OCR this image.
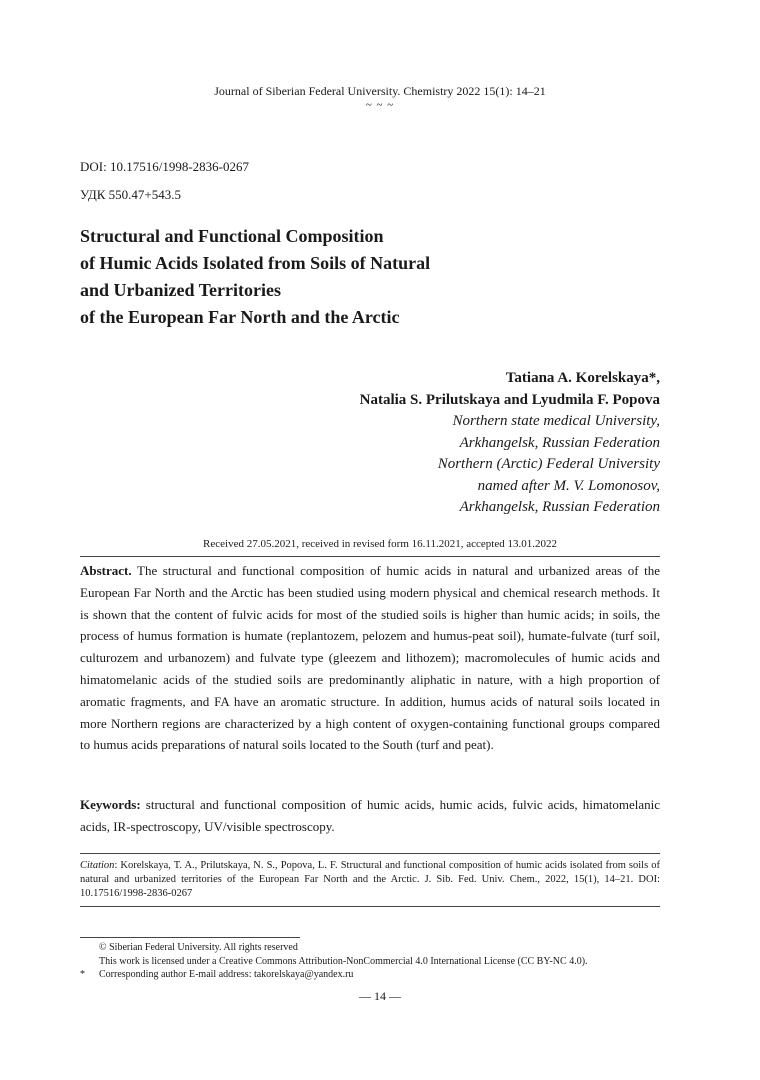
Journal of Siberian Federal University. Chemistry 2022 15(1): 14–21
~ ~ ~
DOI: 10.17516/1998-2836-0267
УДК 550.47+543.5
Structural and Functional Composition
of Humic Acids Isolated from Soils of Natural
and Urbanized Territories
of the European Far North and the Arctic
Tatiana A. Korelskaya*,
Natalia S. Prilutskaya and Lyudmila F. Popova
Northern state medical University,
Arkhangelsk, Russian Federation
Northern (Arctic) Federal University
named after M. V. Lomonosov,
Arkhangelsk, Russian Federation
Received 27.05.2021, received in revised form 16.11.2021, accepted 13.01.2022
Abstract. The structural and functional composition of humic acids in natural and urbanized areas of the European Far North and the Arctic has been studied using modern physical and chemical research methods. It is shown that the content of fulvic acids for most of the studied soils is higher than humic acids; in soils, the process of humus formation is humate (replantozem, pelozem and humus-peat soil), humate-fulvate (turf soil, culturozem and urbanozem) and fulvate type (gleezem and lithozem); macromolecules of humic acids and himatomelanic acids of the studied soils are predominantly aliphatic in nature, with a high proportion of aromatic fragments, and FA have an aromatic structure. In addition, humus acids of natural soils located in more Northern regions are characterized by a high content of oxygen-containing functional groups compared to humus acids preparations of natural soils located to the South (turf and peat).
Keywords: structural and functional composition of humic acids, humic acids, fulvic acids, himatomelanic acids, IR-spectroscopy, UV/visible spectroscopy.
Citation: Korelskaya, T. A., Prilutskaya, N. S., Popova, L. F. Structural and functional composition of humic acids isolated from soils of natural and urbanized territories of the European Far North and the Arctic. J. Sib. Fed. Univ. Chem., 2022, 15(1), 14–21. DOI: 10.17516/1998-2836-0267
© Siberian Federal University. All rights reserved
This work is licensed under a Creative Commons Attribution-NonCommercial 4.0 International License (CC BY-NC 4.0).
*	Corresponding author E-mail address: takorelskaya@yandex.ru
— 14 —
